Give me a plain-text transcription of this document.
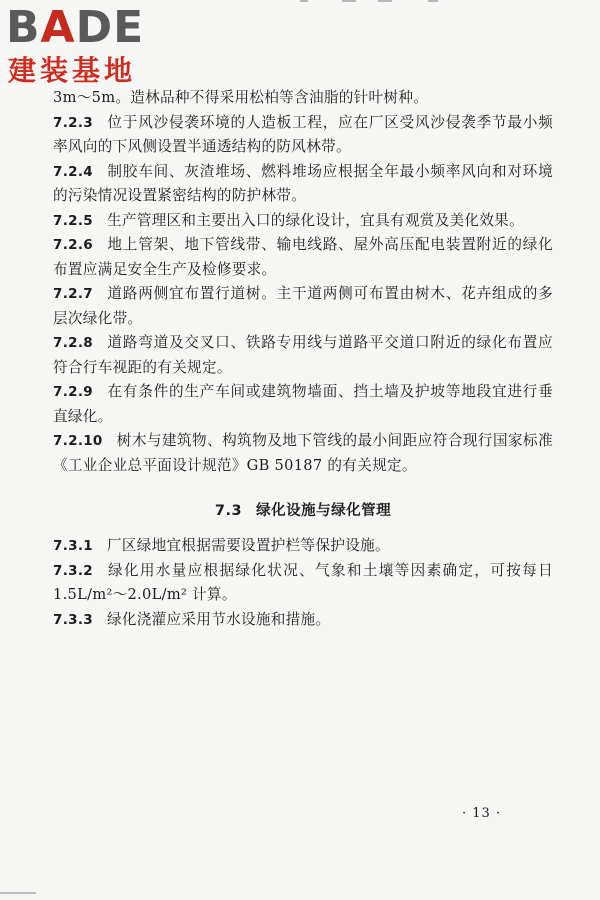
BADE
建装基地

3m～5m。造林品种不得采用松柏等含油脂的针叶树种。

7.2.3 位于风沙侵袭环境的人造板工程，应在厂区受风沙侵袭季节最小频率风向的下风侧设置半通透结构的防风林带。

7.2.4 制胶车间、灰渣堆场、燃料堆场应根据全年最小频率风向和对环境的污染情况设置紧密结构的防护林带。

7.2.5 生产管理区和主要出入口的绿化设计，宜具有观赏及美化效果。

7.2.6 地上管架、地下管线带、输电线路、屋外高压配电装置附近的绿化布置应满足安全生产及检修要求。

7.2.7 道路两侧宜布置行道树。主干道两侧可布置由树木、花卉组成的多层次绿化带。

7.2.8 道路弯道及交叉口、铁路专用线与道路平交道口附近的绿化布置应符合行车视距的有关规定。

7.2.9 在有条件的生产车间或建筑物墙面、挡土墙及护坡等地段宜进行垂直绿化。

7.2.10 树木与建筑物、构筑物及地下管线的最小间距应符合现行国家标准《工业企业总平面设计规范》GB 50187 的有关规定。

7.3 绿化设施与绿化管理

7.3.1 厂区绿地宜根据需要设置护栏等保护设施。

7.3.2 绿化用水量应根据绿化状况、气象和土壤等因素确定，可按每日 1.5L/m²～2.0L/m² 计算。

7.3.3 绿化浇灌应采用节水设施和措施。

· 13 ·
